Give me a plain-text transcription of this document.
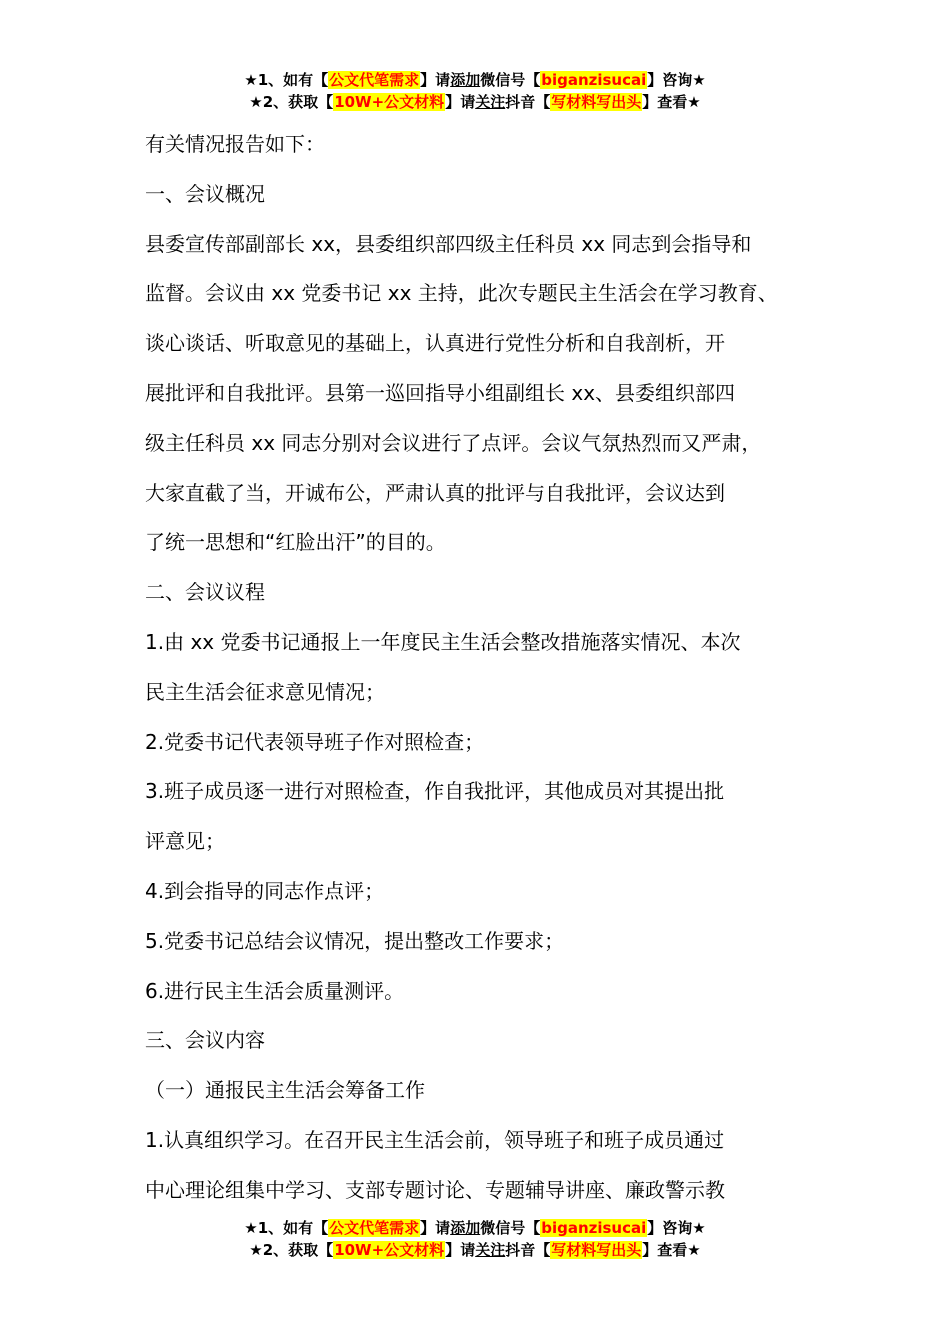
★1、如有【公文代笔需求】请添加微信号【biganzisucai】咨询★
★2、获取【10W+公文材料】请关注抖音【写材料写出头】查看★

有关情况报告如下：

一、会议概况

县委宣传部副部长 xx，县委组织部四级主任科员 xx 同志到会指导和

监督。会议由 xx 党委书记 xx 主持，此次专题民主生活会在学习教育、

谈心谈话、听取意见的基础上，认真进行党性分析和自我剖析，开

展批评和自我批评。县第一巡回指导小组副组长 xx、县委组织部四

级主任科员 xx 同志分别对会议进行了点评。会议气氛热烈而又严肃，

大家直截了当，开诚布公，严肃认真的批评与自我批评，会议达到

了统一思想和“红脸出汗”的目的。

二、会议议程

1.由 xx 党委书记通报上一年度民主生活会整改措施落实情况、本次

民主生活会征求意见情况；

2.党委书记代表领导班子作对照检查；

3.班子成员逐一进行对照检查，作自我批评，其他成员对其提出批

评意见；

4.到会指导的同志作点评；

5.党委书记总结会议情况，提出整改工作要求；

6.进行民主生活会质量测评。

三、会议内容

（一）通报民主生活会筹备工作

1.认真组织学习。在召开民主生活会前，领导班子和班子成员通过

中心理论组集中学习、支部专题讨论、专题辅导讲座、廉政警示教

★1、如有【公文代笔需求】请添加微信号【biganzisucai】咨询★
★2、获取【10W+公文材料】请关注抖音【写材料写出头】查看★
